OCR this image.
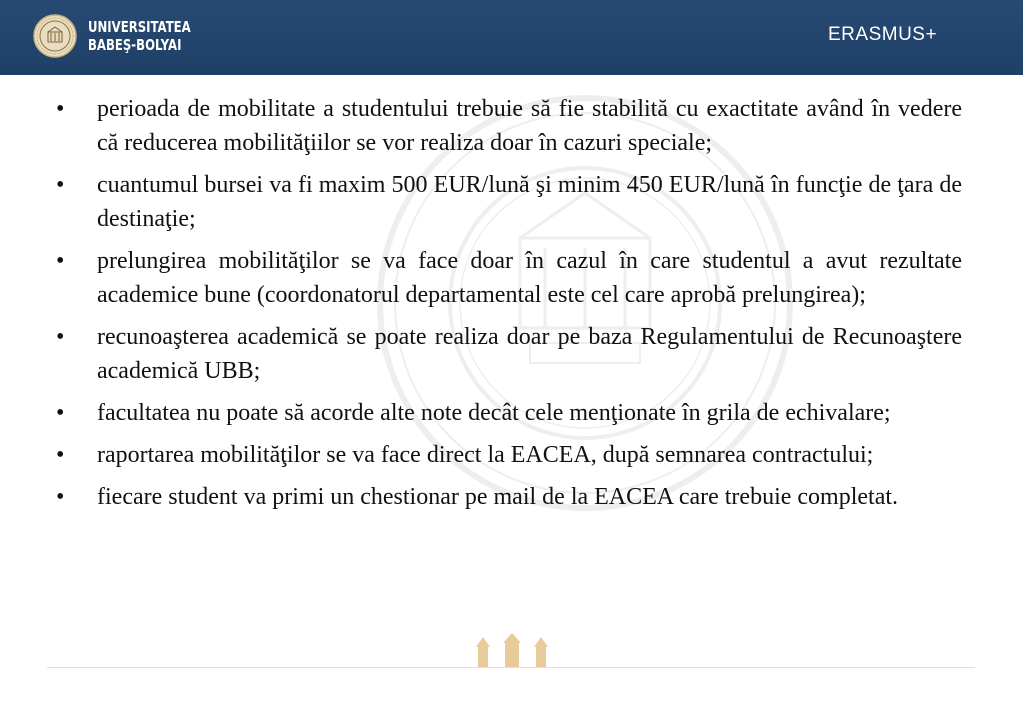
UNIVERSITATEA
BABEŞ-BOLYAI	ERASMUS+
•	perioada de mobilitate a studentului trebuie să fie stabilită cu exactitate având în vedere că reducerea mobilităţiilor se vor realiza doar în cazuri speciale;
•	cuantumul bursei va fi maxim 500 EUR/lună şi minim 450 EUR/lună în funcţie de ţara de destinaţie;
•	prelungirea mobilităţilor se va face doar în cazul în care studentul a avut rezultate academice bune (coordonatorul departamental este cel care aprobă prelungirea);
•	recunoaşterea academică se poate realiza doar pe baza Regulamentului de Recunoaştere academică UBB;
•	facultatea nu poate să acorde alte note decât cele menţionate în grila de echivalare;
•	raportarea mobilităţilor se va face direct la EACEA, după semnarea contractului;
•	fiecare student va primi un chestionar pe mail de la EACEA care trebuie completat.
